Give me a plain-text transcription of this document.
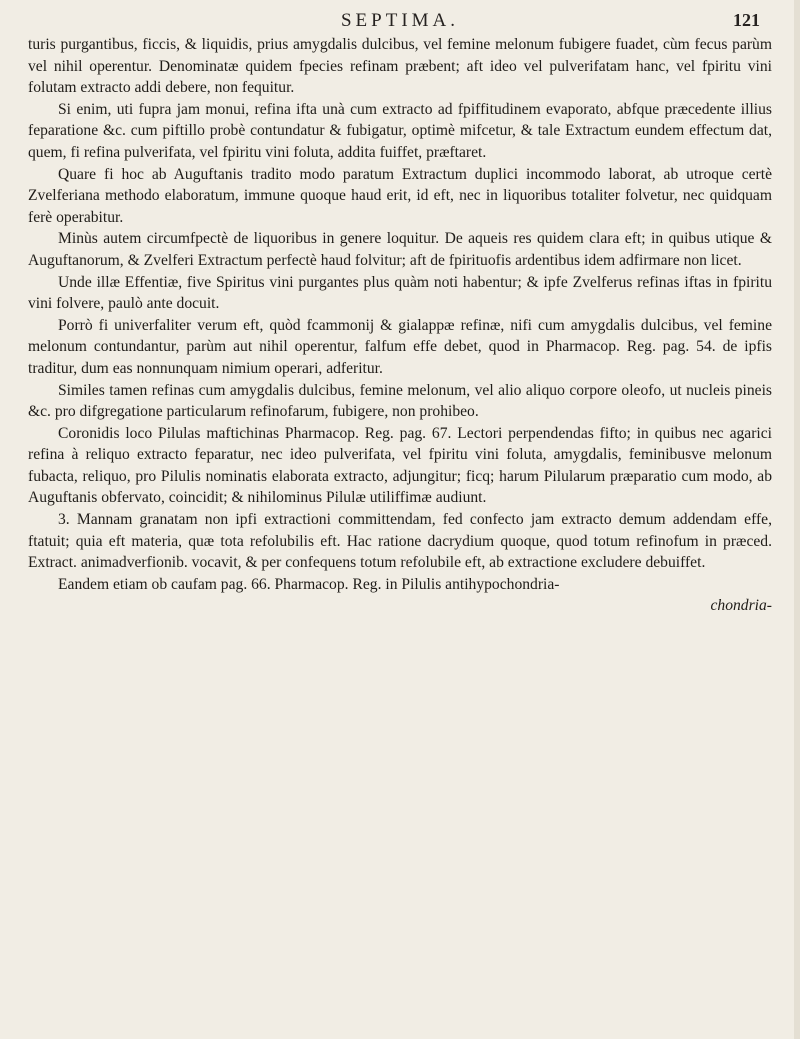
SEPTIMA.	121

turis purgantibus, ficcis, & liquidis, prius amygdalis dulcibus, vel femine melonum fubigere fuadet, cùm fecus parùm vel nihil operentur. Denominatæ quidem fpecies refinam præbent; aft ideo vel pulverifatam hanc, vel fpiritu vini folutam extracto addi debere, non fequitur.

Si enim, uti fupra jam monui, refina ifta unà cum extracto ad fpiffitudinem evaporato, abfque præcedente illius feparatione &c. cum piftillo probè contundatur & fubigatur, optimè mifcetur, & tale Extractum eundem effectum dat, quem, fi refina pulverifata, vel fpiritu vini foluta, addita fuiffet, præftaret.

Quare fi hoc ab Auguftanis tradito modo paratum Extractum duplici incommodo laborat, ab utroque certè Zvelferiana methodo elaboratum, immune quoque haud erit, id eft, nec in liquoribus totaliter folvetur, nec quidquam ferè operabitur.

Minùs autem circumfpectè de liquoribus in genere loquitur. De aqueis res quidem clara eft; in quibus utique & Auguftanorum, & Zvelferi Extractum perfectè haud folvitur; aft de fpirituofis ardentibus idem adfirmare non licet.

Unde illæ Effentiæ, five Spiritus vini purgantes plus quàm noti habentur; & ipfe Zvelferus refinas iftas in fpiritu vini folvere, paulò ante docuit.

Porrò fi univerfaliter verum eft, quòd fcammonij & gialappæ refinæ, nifi cum amygdalis dulcibus, vel femine melonum contundantur, parùm aut nihil operentur, falfum effe debet, quod in Pharmacop. Reg. pag. 54. de ipfis traditur, dum eas nonnunquam nimium operari, adferitur.

Similes tamen refinas cum amygdalis dulcibus, femine melonum, vel alio aliquo corpore oleofo, ut nucleis pineis &c. pro difgregatione particularum refinofarum, fubigere, non prohibeo.

Coronidis loco Pilulas maftichinas Pharmacop. Reg. pag. 67. Lectori perpendendas fifto; in quibus nec agarici refina à reliquo extracto feparatur, nec ideo pulverifata, vel fpiritu vini foluta, amygdalis, feminibusve melonum fubacta, reliquo, pro Pilulis nominatis elaborata extracto, adjungitur; ficq; harum Pilularum præparatio cum modo, ab Auguftanis obfervato, coincidit; & nihilominus Pilulæ utiliffimæ audiunt.

3. Mannam granatam non ipfi extractioni committendam, fed confecto jam extracto demum addendam effe, ftatuit; quia eft materia, quæ tota refolubilis eft. Hac ratione dacrydium quoque, quod totum refinofum in præced. Extract. animadverfionib. vocavit, & per confequens totum refolubile eft, ab extractione excludere debuiffet.

Eandem etiam ob caufam pag. 66. Pharmacop. Reg. in Pilulis antihypochondria-

chondria-
